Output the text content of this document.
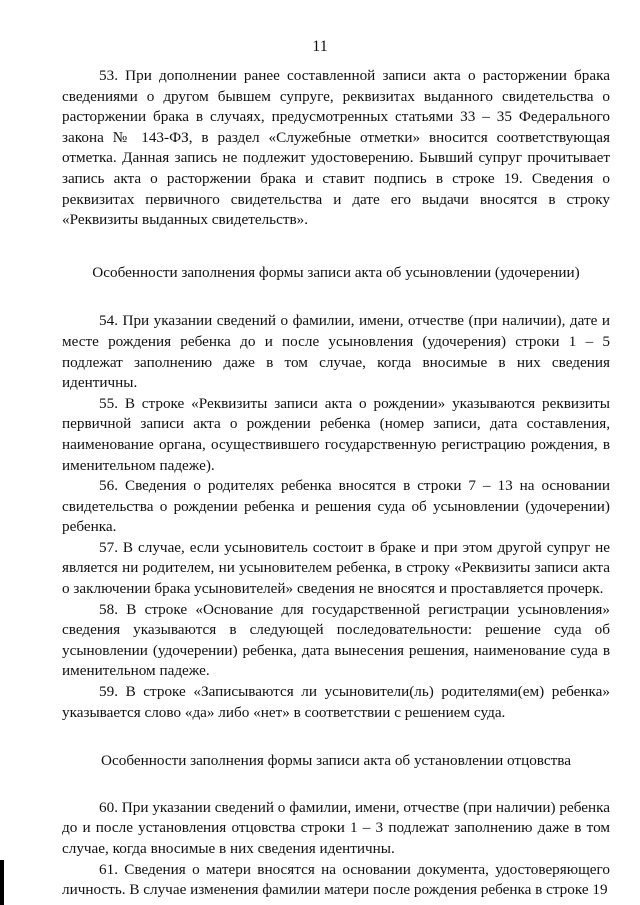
11

53. При дополнении ранее составленной записи акта о расторжении брака сведениями о другом бывшем супруге, реквизитах выданного свидетельства о расторжении брака в случаях, предусмотренных статьями 33 – 35 Федерального закона № 143-ФЗ, в раздел «Служебные отметки» вносится соответствующая отметка. Данная запись не подлежит удостоверению. Бывший супруг прочитывает запись акта о расторжении брака и ставит подпись в строке 19. Сведения о реквизитах первичного свидетельства и дате его выдачи вносятся в строку «Реквизиты выданных свидетельств».

Особенности заполнения формы записи акта об усыновлении (удочерении)

54. При указании сведений о фамилии, имени, отчестве (при наличии), дате и месте рождения ребенка до и после усыновления (удочерения) строки 1 – 5 подлежат заполнению даже в том случае, когда вносимые в них сведения идентичны.

55. В строке «Реквизиты записи акта о рождении» указываются реквизиты первичной записи акта о рождении ребенка (номер записи, дата составления, наименование органа, осуществившего государственную регистрацию рождения, в именительном падеже).

56. Сведения о родителях ребенка вносятся в строки 7 – 13 на основании свидетельства о рождении ребенка и решения суда об усыновлении (удочерении) ребенка.

57. В случае, если усыновитель состоит в браке и при этом другой супруг не является ни родителем, ни усыновителем ребенка, в строку «Реквизиты записи акта о заключении брака усыновителей» сведения не вносятся и проставляется прочерк.

58. В строке «Основание для государственной регистрации усыновления» сведения указываются в следующей последовательности: решение суда об усыновлении (удочерении) ребенка, дата вынесения решения, наименование суда в именительном падеже.

59. В строке «Записываются ли усыновители(ль) родителями(ем) ребенка» указывается слово «да» либо «нет» в соответствии с решением суда.

Особенности заполнения формы записи акта об установлении отцовства

60. При указании сведений о фамилии, имени, отчестве (при наличии) ребенка до и после установления отцовства строки 1 – 3 подлежат заполнению даже в том случае, когда вносимые в них сведения идентичны.

61. Сведения о матери вносятся на основании документа, удостоверяющего личность. В случае изменения фамилии матери после рождения ребенка в строке 19
